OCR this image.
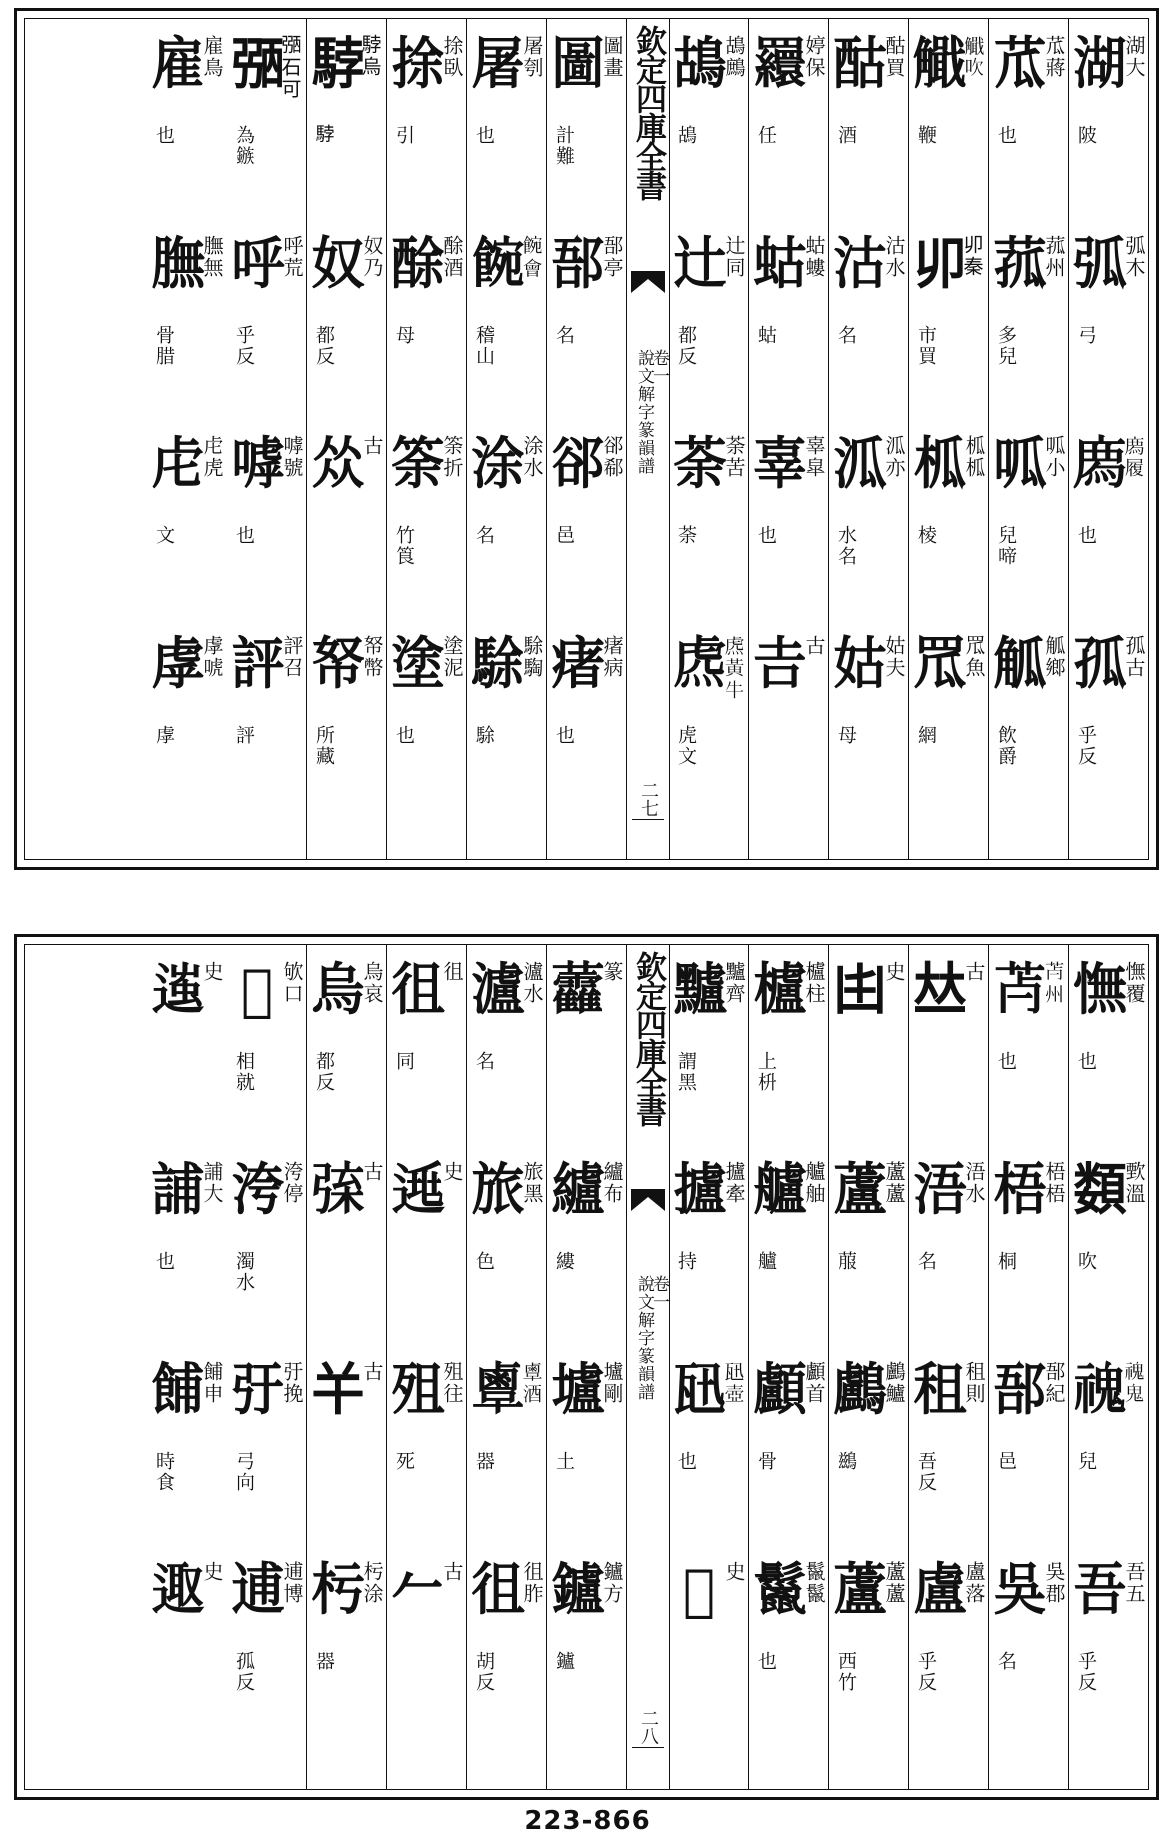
湖
湖大
陂
弧
弧木
弓
𢊁
𢊁履
也
孤
孤古
乎反
苽
苽蔣
也
菰
菰州
多兒
呱
呱小
兒啼
觚
觚鄉
飲爵
𧥄
𧥄吹
鞭
𠨍
𠨍秦
市買
柧
柧柧
棱
罛
罛魚
網
酤
酤買
酒
沽
沽水
名
泒
泒亦
水名
姑
姑夫
母
𦌾
婷保
任
蛄
蛄螻
蛄
辜
辜皐
也
𠮷
古
鴣
鴣鷓
鴣
辻
辻同
都反
荼
荼苦
荼
𧆸
𧆸黃牛
虎文
欽定四庫全書
說文解字篆韻譜
卷一
二七
圖
圖畫
計難
郚
郚亭
名
郤
郤郗
邑
瘏
瘏病
也
屠
屠刳
也
𩜌
𩜌會
稽山
涂
涂水
名
駼
駼騊
駼
捈
捈臥
引
酴
酴酒
母
筡
筡折
竹筤
塗
塗泥
也
𩣡
𩣡烏
𩣡
奴
奴乃
都反
𠈌
古
帑
帑幣
所藏
𢐀
𢐀石可
為鏃
呼
呼荒
乎反
嘑
嘑號
也
評
評召
評
雇
雇鳥
也
膴
膴無
骨腊
虍
虍虎
文
虖
虖唬
虖
憮
憮覆
也
𩔗
歅溫
吹
𩲡
𩲡鬼
兒
吾
吾五
乎反
𦬿
𦬿州
也
梧
梧梧
桐
郚
郚紀
邑
吳
吳郡
名
𠀤
古
浯
浯水
名
租
租則
吾反
盧
盧落
乎反
𠙹
史
蘆
蘆蘆
菔
鸕
鸕鱸
鷀
蘆
蘆蘆
西竹
櫨
櫨柱
上枡
艫
艫舳
艫
顱
顱首
骨
鬣
鬣鬣
也
黸
黸齊
謂黑
攎
攎牽
持
𤬫
𤬫壺
也
𨗳 史
欽定四庫全書
說文解字篆韻譜
卷一
二八
𧆑
篆
纑
纑布
縷
壚
壚剛
土
鑪
鑪方
鑪
瀘
瀘水
名
旅
旅黑
色
𪉞
𪉞酒
器
徂
徂胙
胡反
徂
徂
同
𨓱
史
殂
殂往
死
𠂉
古
烏
烏哀
都反
𢏲
古
𢆉
古
杇
杇涂
器
𦦠 欨口
相就
洿
洿停
濁水
弙
弙挽
弓向
逋
逋博
孤反
𨔢
史
誧
誧大
也
餔
餔申
時食
𨓭
史
223-866
